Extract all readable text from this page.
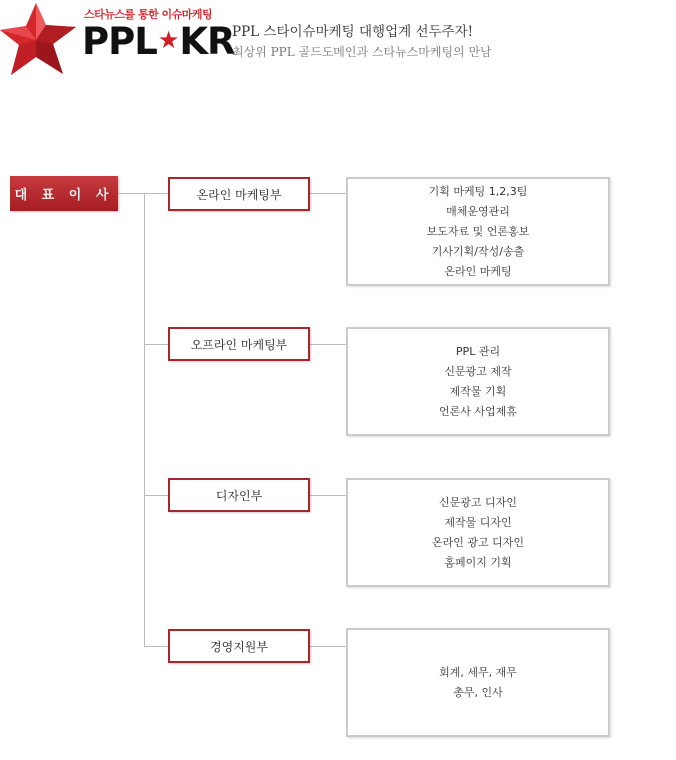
스타뉴스를 통한 이슈마케팅
PPL★KR
PPL 스타이슈마케팅 대행업계 선두주자!
최상위 PPL 골드도메인과 스타뉴스마케팅의 만남
대 표 이 사	온라인 마케팅부	기획 마케팅 1,2,3팀
매체운영관리
보도자료 및 언론홍보
기사기획/작성/송출
온라인 마케팅
오프라인 마케팅부	PPL 관리
신문광고 제작
제작물 기획
언론사 사업제휴
디자인부	신문광고 디자인
제작물 디자인
온라인 광고 디자인
홈페이지 기획
경영지원부
회계, 세무, 재무
총무, 인사
